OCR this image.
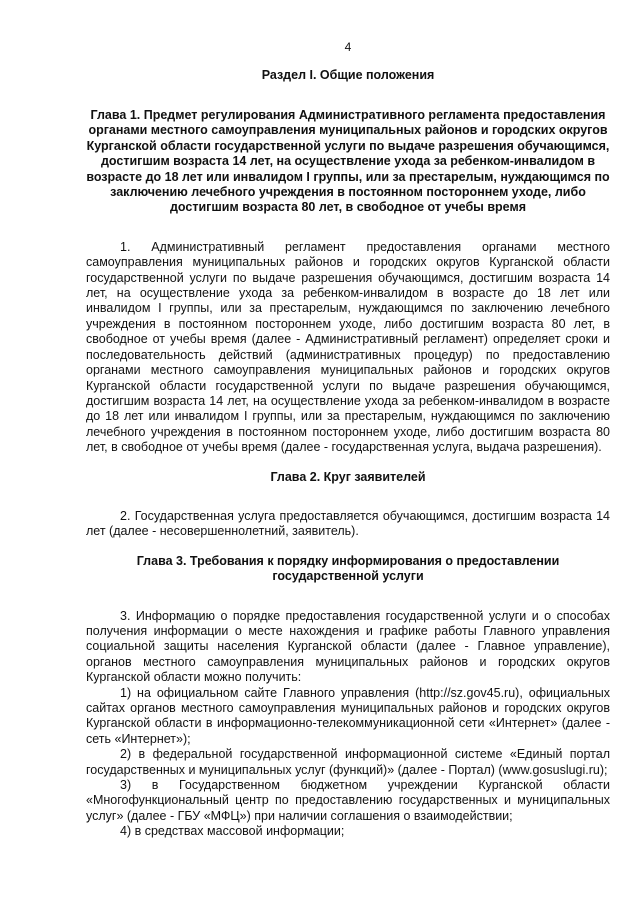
4
Раздел I. Общие положения
Глава 1. Предмет регулирования Административного регламента предоставления органами местного самоуправления муниципальных районов и городских округов Курганской области государственной услуги по выдаче разрешения обучающимся, достигшим возраста 14 лет, на осуществление ухода за ребенком-инвалидом в возрасте до 18 лет или инвалидом I группы, или за престарелым, нуждающимся по заключению лечебного учреждения в постоянном постороннем уходе, либо достигшим возраста 80 лет, в свободное от учебы время

1. Административный регламент предоставления органами местного самоуправления муниципальных районов и городских округов Курганской области государственной услуги по выдаче разрешения обучающимся, достигшим возраста 14 лет, на осуществление ухода за ребенком-инвалидом в возрасте до 18 лет или инвалидом I группы, или за престарелым, нуждающимся по заключению лечебного учреждения в постоянном постороннем уходе, либо достигшим возраста 80 лет, в свободное от учебы время (далее - Административный регламент) определяет сроки и последовательность действий (административных процедур) по предоставлению органами местного самоуправления муниципальных районов и городских округов Курганской области государственной услуги по выдаче разрешения обучающимся, достигшим возраста 14 лет, на осуществление ухода за ребенком-инвалидом в возрасте до 18 лет или инвалидом I группы, или за престарелым, нуждающимся по заключению лечебного учреждения в постоянном постороннем уходе, либо достигшим возраста 80 лет, в свободное от учебы время (далее - государственная услуга, выдача разрешения).

Глава 2. Круг заявителей

2. Государственная услуга предоставляется обучающимся, достигшим возраста 14 лет (далее - несовершеннолетний, заявитель).

Глава 3. Требования к порядку информирования о предоставлении государственной услуги

3. Информацию о порядке предоставления государственной услуги и о способах получения информации о месте нахождения и графике работы Главного управления социальной защиты населения Курганской области (далее - Главное управление), органов местного самоуправления муниципальных районов и городских округов Курганской области можно получить:

1) на официальном сайте Главного управления (http://sz.gov45.ru), официальных сайтах органов местного самоуправления муниципальных районов и городских округов Курганской области в информационно-телекоммуникационной сети «Интернет» (далее - сеть «Интернет»);

2) в федеральной государственной информационной системе «Единый портал государственных и муниципальных услуг (функций)» (далее - Портал) (www.gosuslugi.ru);

3) в Государственном бюджетном учреждении Курганской области «Многофункциональный центр по предоставлению государственных и муниципальных услуг» (далее - ГБУ «МФЦ») при наличии соглашения о взаимодействии;

4) в средствах массовой информации;
